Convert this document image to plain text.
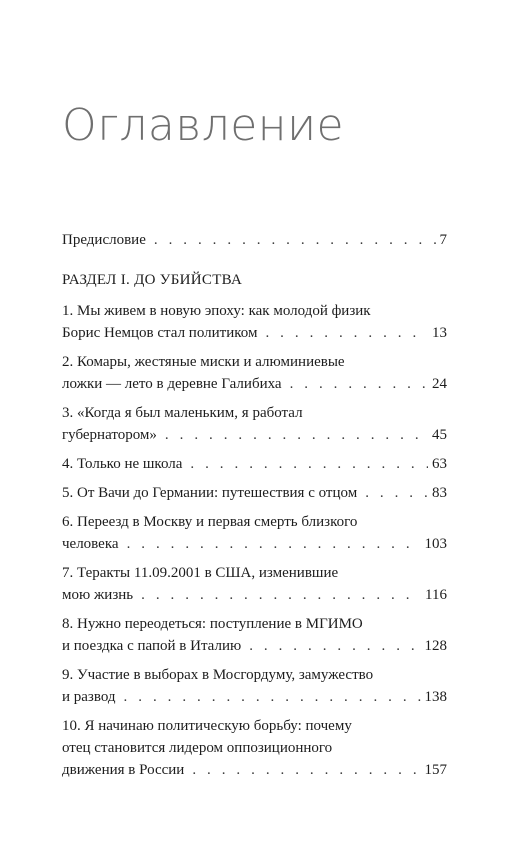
Оглавление
Предисловие . . .	7
РАЗДЕЛ I. ДО УБИЙСТВА
1. Мы живем в новую эпоху: как молодой физик
Борис Немцов стал политиком . . .	13
2. Комары, жестяные миски и алюминиевые
ложки — лето в деревне Галибиха . . .	24
3. «Когда я был маленьким, я работал
губернатором» . . .	45
4. Только не школа . . .	63
5. От Вачи до Германии: путешествия с отцом . . .	83
6. Переезд в Москву и первая смерть близкого
человека . . .	103
7. Теракты 11.09.2001 в США, изменившие
мою жизнь . . .	116
8. Нужно переодеться: поступление в МГИМО
и поездка с папой в Италию . . .	128
9. Участие в выборах в Мосгордуму, замужество
и развод . . .	138
10. Я начинаю политическую борьбу: почему
отец становится лидером оппозиционного
движения в России . . .	157
